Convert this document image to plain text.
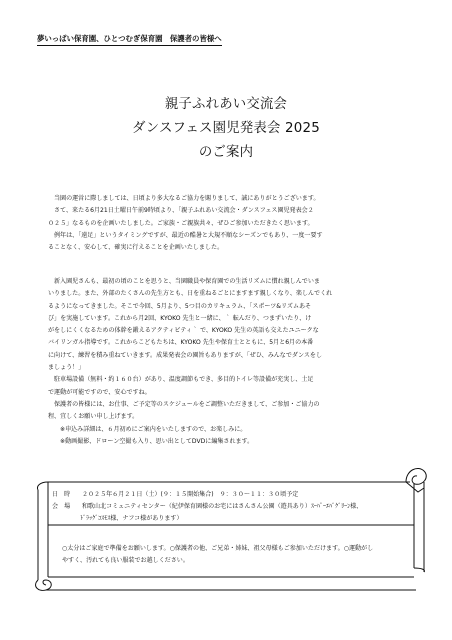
夢いっぱい保育園、ひとつむぎ保育園　保護者の皆様へ
親子ふれあい交流会
ダンスフェス園児発表会 2025
のご案内

当園の運営に際しましては、日頃より多大なるご協力を賜りまして、誠にありがとうございます。

さて、来たる6月21日土曜日午前9時頃より、「親子ふれあい交流会・ダンスフェス園児発表会２

０２５」なるものを企画いたしました。ご家族・ご親族共々、ぜひご参加いただきたく思います。

例年は、「遠足」というタイミングですが、最近の酷暑と大規不順なシーズンでもあり、一度一要す

ることなく、安心して、確実に行えることを企画いたしました。

新入園児さんも、最初の頃のことを思うと、当園職員や保育園での生活リズムに慣れ親しんでいま

いりました。また、外部のたくさんの先生方とも、日を重ねるごとにますます親しくなり、楽しんでくれ

るようになってきました。そこで今回、5月より、5つ目のカリキュラム、「スポーツ&リズムあそ

び」を実施しています。これから月2回、KYOKO 先生と一緒に、｀ 転んだり、つまずいたり、け

がをしにくくなるための体幹を鍛えるアクティビティ｀ で、KYOKO 先生の英語も交えたユニークな

バイリンガル指導です。これからこどもたちは、KYOKO 先生や保育士とともに、5月と6月の本番

に向けて、練習を積み重ねていきます。成果発表会の園旨もありますが、「ぜひ、みんなでダンスをし

ましょう！」

駐車場設備（無料・約１６０台）があり、温度調節もでき、多目的トイレ等設備が充実し、土足

で運動が可能ですので、安心ですね。

保護者の皆様には、お仕事、ご予定等のスケジュールをご調整いただきまして、ご参加・ご協力の

程、宜しくお願い申し上げます。

※申込み詳細は、６月初めにご案内をいたしますので、お楽しみに。

※動画撮影、ドローン空撮も入り、思い出としてDVDに編集されます。

日　時 ２０２５年６月２１日（土）(９：１５開始集合)　９：３０〜１１：３０頃予定
会　場 和歌山北コミュニティセンター（紀伊保育園様のお宅にはさんさん公園（遊具あり）ｽｰﾊﾟｰｴﾊﾞｸﾞﾘｰﾝ様、
ﾄﾞﾗｯｸﾞｺｽﾓｽ様、ナフコ様があります）
○太分はご家庭で準備をお願いします。○保護者の他、ご兄弟・姉妹、祖父母様もご参加いただけます。○運動がし
やすく、汚れても良い服装でお越しください。
